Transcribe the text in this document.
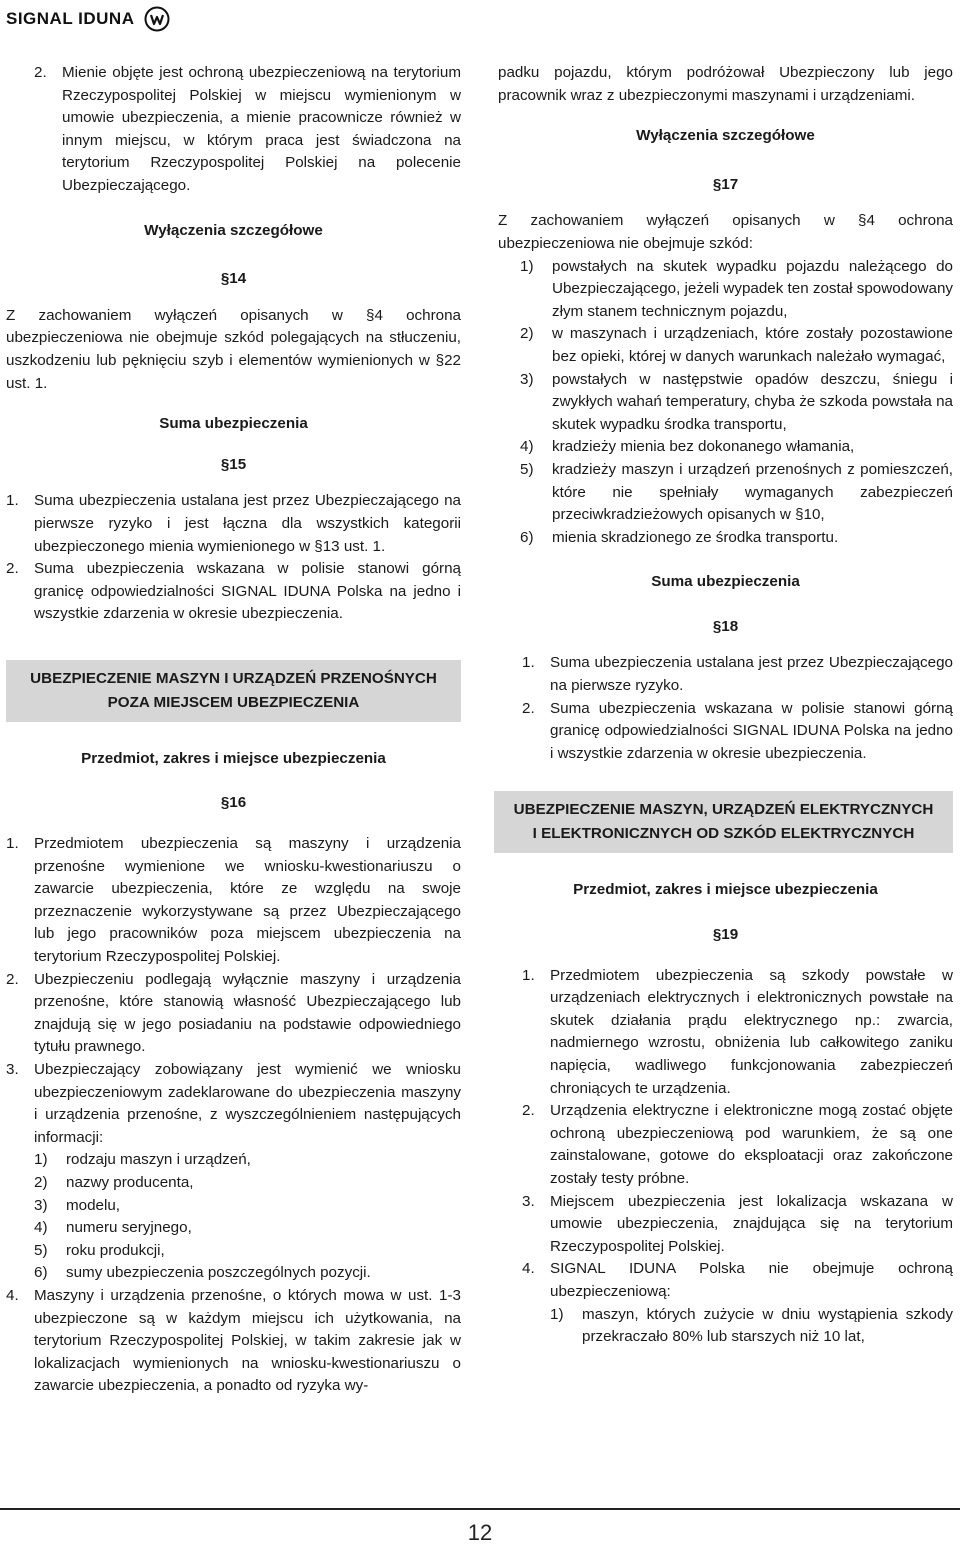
SIGNAL IDUNA
2.	Mienie objęte jest ochroną ubezpieczeniową na terytorium Rzeczypospolitej Polskiej w miejscu wymienionym w umowie ubezpieczenia, a mienie pracownicze również w innym miejscu, w którym praca jest świadczona na terytorium Rzeczypospolitej Polskiej na polecenie Ubezpieczającego.

Wyłączenia szczegółowe

§14

Z zachowaniem wyłączeń opisanych w §4 ochrona ubezpieczeniowa nie obejmuje szkód polegających na stłuczeniu, uszkodzeniu lub pęknięciu szyb i elementów wymienionych w §22 ust. 1.

Suma ubezpieczenia

§15

1.	Suma ubezpieczenia ustalana jest przez Ubezpieczającego na pierwsze ryzyko i jest łączna dla wszystkich kategorii ubezpieczonego mienia wymienionego w §13 ust. 1.
2.	Suma ubezpieczenia wskazana w polisie stanowi górną granicę odpowiedzialności SIGNAL IDUNA Polska na jedno i wszystkie zdarzenia w okresie ubezpieczenia.
UBEZPIECZENIE MASZYN I URZĄDZEŃ PRZENOŚNYCH
POZA MIEJSCEM UBEZPIECZENIA

Przedmiot, zakres i miejsce ubezpieczenia

§16

1.	Przedmiotem ubezpieczenia są maszyny i urządzenia przenośne wymienione we wniosku-kwestionariuszu o zawarcie ubezpieczenia, które ze względu na swoje przeznaczenie wykorzystywane są przez Ubezpieczającego lub jego pracowników poza miejscem ubezpieczenia na terytorium Rzeczypospolitej Polskiej.
2.	Ubezpieczeniu podlegają wyłącznie maszyny i urządzenia przenośne, które stanowią własność Ubezpieczającego lub znajdują się w jego posiadaniu na podstawie odpowiedniego tytułu prawnego.
3.	Ubezpieczający zobowiązany jest wymienić we wniosku ubezpieczeniowym zadeklarowane do ubezpieczenia maszyny i urządzenia przenośne, z wyszczególnieniem następujących informacji:
1)	rodzaju maszyn i urządzeń,
2)	nazwy producenta,
3)	modelu,
4)	numeru seryjnego,
5)	roku produkcji,
6)	sumy ubezpieczenia poszczególnych pozycji.
4.	Maszyny i urządzenia przenośne, o których mowa w ust. 1-3 ubezpieczone są w każdym miejscu ich użytkowania, na terytorium Rzeczypospolitej Polskiej, w takim zakresie jak w lokalizacjach wymienionych na wniosku-kwestionariuszu o zawarcie ubezpieczenia, a ponadto od ryzyka wy-

padku pojazdu, którym podróżował Ubezpieczony lub jego pracownik wraz z ubezpieczonymi maszynami i urządzeniami.

Wyłączenia szczegółowe

§17

Z zachowaniem wyłączeń opisanych w §4 ochrona ubezpieczeniowa nie obejmuje szkód:

1)	powstałych na skutek wypadku pojazdu należącego do Ubezpieczającego, jeżeli wypadek ten został spowodowany złym stanem technicznym pojazdu,
2)	w maszynach i urządzeniach, które zostały pozostawione bez opieki, której w danych warunkach należało wymagać,
3)	powstałych w następstwie opadów deszczu, śniegu i zwykłych wahań temperatury, chyba że szkoda powstała na skutek wypadku środka transportu,
4)	kradzieży mienia bez dokonanego włamania,
5)	kradzieży maszyn i urządzeń przenośnych z pomieszczeń, które nie spełniały wymaganych zabezpieczeń przeciwkradzieżowych opisanych w §10,
6)	mienia skradzionego ze środka transportu.

Suma ubezpieczenia

§18

1.	Suma ubezpieczenia ustalana jest przez Ubezpieczającego na pierwsze ryzyko.
2.	Suma ubezpieczenia wskazana w polisie stanowi górną granicę odpowiedzialności SIGNAL IDUNA Polska na jedno i wszystkie zdarzenia w okresie ubezpieczenia.
UBEZPIECZENIE MASZYN, URZĄDZEŃ ELEKTRYCZNYCH
I ELEKTRONICZNYCH OD SZKÓD ELEKTRYCZNYCH

Przedmiot, zakres i miejsce ubezpieczenia

§19

1.	Przedmiotem ubezpieczenia są szkody powstałe w urządzeniach elektrycznych i elektronicznych powstałe na skutek działania prądu elektrycznego np.: zwarcia, nadmiernego wzrostu, obniżenia lub całkowitego zaniku napięcia, wadliwego funkcjonowania zabezpieczeń chroniących te urządzenia.
2.	Urządzenia elektryczne i elektroniczne mogą zostać objęte ochroną ubezpieczeniową pod warunkiem, że są one zainstalowane, gotowe do eksploatacji oraz zakończone zostały testy próbne.
3.	Miejscem ubezpieczenia jest lokalizacja wskazana w umowie ubezpieczenia, znajdująca się na terytorium Rzeczypospolitej Polskiej.
4.	SIGNAL IDUNA Polska nie obejmuje ochroną ubezpieczeniową:
1)	maszyn, których zużycie w dniu wystąpienia szkody przekraczało 80% lub starszych niż 10 lat,
12
